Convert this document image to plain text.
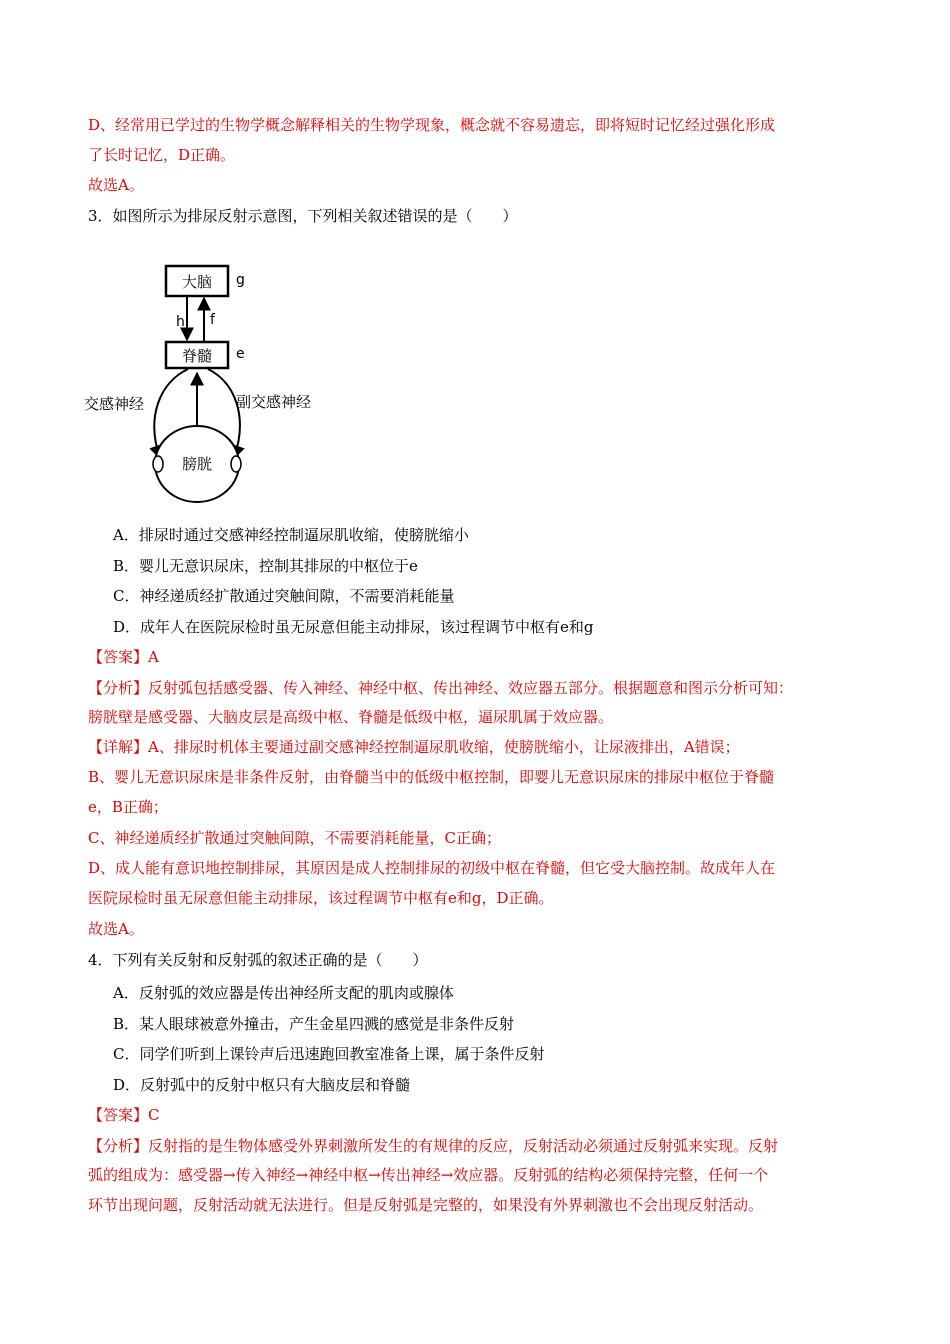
D、经常用已学过的生物学概念解释相关的生物学现象，概念就不容易遗忘，即将短时记忆经过强化形成
了长时记忆，D正确。
故选A。
3．如图所示为排尿反射示意图，下列相关叙述错误的是（　　）
大脑 g
h f
脊髓 e
交感神经	副交感神经
膀胱
A．排尿时通过交感神经控制逼尿肌收缩，使膀胱缩小
B．婴儿无意识尿床，控制其排尿的中枢位于e
C．神经递质经扩散通过突触间隙，不需要消耗能量
D．成年人在医院尿检时虽无尿意但能主动排尿，该过程调节中枢有e和g
【答案】A
【分析】反射弧包括感受器、传入神经、神经中枢、传出神经、效应器五部分。根据题意和图示分析可知：
膀胱壁是感受器、大脑皮层是高级中枢、脊髓是低级中枢，逼尿肌属于效应器。
【详解】A、排尿时机体主要通过副交感神经控制逼尿肌收缩，使膀胱缩小，让尿液排出，A错误；
B、婴儿无意识尿床是非条件反射，由脊髓当中的低级中枢控制，即婴儿无意识尿床的排尿中枢位于脊髓
e，B正确；
C、神经递质经扩散通过突触间隙，不需要消耗能量，C正确；
D、成人能有意识地控制排尿，其原因是成人控制排尿的初级中枢在脊髓，但它受大脑控制。故成年人在
医院尿检时虽无尿意但能主动排尿，该过程调节中枢有e和g，D正确。
故选A。
4．下列有关反射和反射弧的叙述正确的是（　　）
A．反射弧的效应器是传出神经所支配的肌肉或腺体
B．某人眼球被意外撞击，产生金星四溅的感觉是非条件反射
C．同学们听到上课铃声后迅速跑回教室准备上课，属于条件反射
D．反射弧中的反射中枢只有大脑皮层和脊髓
【答案】C
【分析】反射指的是生物体感受外界刺激所发生的有规律的反应，反射活动必须通过反射弧来实现。反射
弧的组成为：感受器→传入神经→神经中枢→传出神经→效应器。反射弧的结构必须保持完整，任何一个
环节出现问题，反射活动就无法进行。但是反射弧是完整的，如果没有外界刺激也不会出现反射活动。
